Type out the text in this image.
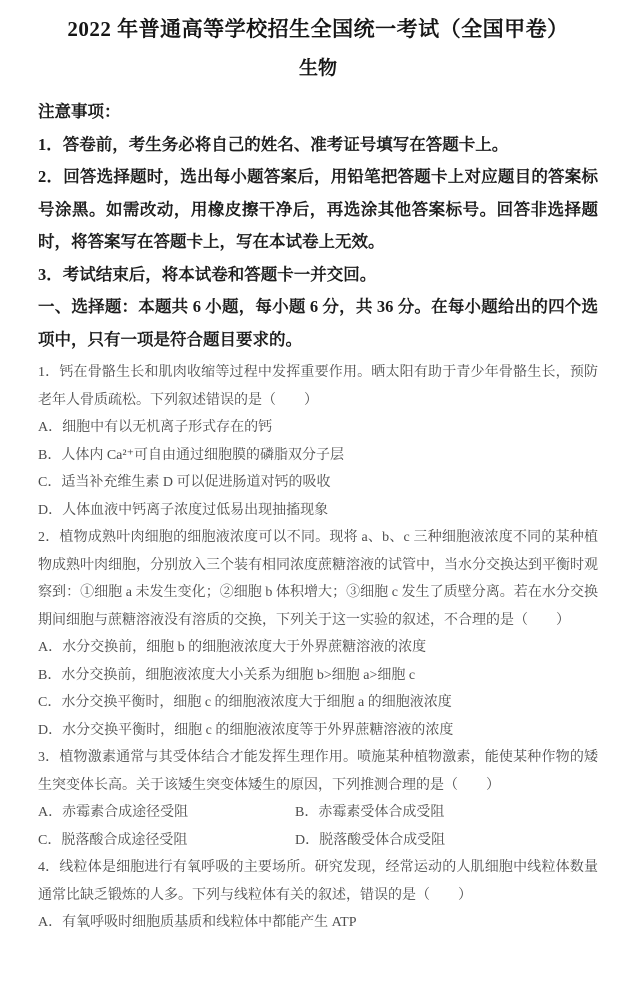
2022 年普通高等学校招生全国统一考试（全国甲卷）
生物

注意事项：

1．答卷前，考生务必将自己的姓名、准考证号填写在答题卡上。

2．回答选择题时，选出每小题答案后，用铅笔把答题卡上对应题目的答案标号涂黑。如需改动，用橡皮擦干净后，再选涂其他答案标号。回答非选择题时，将答案写在答题卡上，写在本试卷上无效。

3．考试结束后，将本试卷和答题卡一并交回。

一、选择题：本题共 6 小题，每小题 6 分，共 36 分。在每小题给出的四个选项中，只有一项是符合题目要求的。

1．钙在骨骼生长和肌肉收缩等过程中发挥重要作用。晒太阳有助于青少年骨骼生长，预防老年人骨质疏松。下列叙述错误的是（　　）

A．细胞中有以无机离子形式存在的钙

B．人体内 Ca²⁺可自由通过细胞膜的磷脂双分子层

C．适当补充维生素 D 可以促进肠道对钙的吸收

D．人体血液中钙离子浓度过低易出现抽搐现象

2．植物成熟叶肉细胞的细胞液浓度可以不同。现将 a、b、c 三种细胞液浓度不同的某种植物成熟叶肉细胞，分别放入三个装有相同浓度蔗糖溶液的试管中，当水分交换达到平衡时观察到：①细胞 a 未发生变化；②细胞 b 体积增大；③细胞 c 发生了质壁分离。若在水分交换期间细胞与蔗糖溶液没有溶质的交换，下列关于这一实验的叙述，不合理的是（　　）

A．水分交换前，细胞 b 的细胞液浓度大于外界蔗糖溶液的浓度

B．水分交换前，细胞液浓度大小关系为细胞 b>细胞 a>细胞 c

C．水分交换平衡时，细胞 c 的细胞液浓度大于细胞 a 的细胞液浓度

D．水分交换平衡时，细胞 c 的细胞液浓度等于外界蔗糖溶液的浓度

3．植物激素通常与其受体结合才能发挥生理作用。喷施某种植物激素，能使某种作物的矮生突变体长高。关于该矮生突变体矮生的原因，下列推测合理的是（　　）

A．赤霉素合成途径受阻	B．赤霉素受体合成受阻

C．脱落酸合成途径受阻	D．脱落酸受体合成受阻

4．线粒体是细胞进行有氧呼吸的主要场所。研究发现，经常运动的人肌细胞中线粒体数量通常比缺乏锻炼的人多。下列与线粒体有关的叙述，错误的是（　　）

A．有氧呼吸时细胞质基质和线粒体中都能产生 ATP
